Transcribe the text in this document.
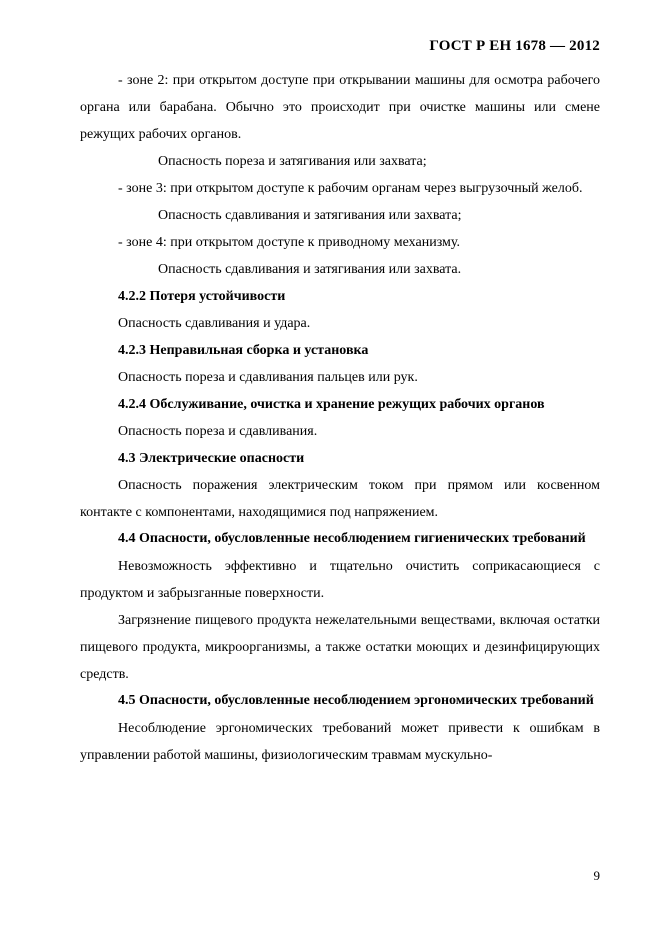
ГОСТ Р ЕН 1678 — 2012

- зоне 2: при открытом доступе при открывании машины для осмотра рабочего органа или барабана. Обычно это происходит при очистке машины или смене режущих рабочих органов.

Опасность пореза и затягивания или захвата;

- зоне 3: при открытом доступе к рабочим органам через выгрузочный желоб.

Опасность сдавливания и затягивания или захвата;

- зоне 4: при открытом доступе к приводному механизму.

Опасность сдавливания и затягивания или захвата.

4.2.2 Потеря устойчивости

Опасность сдавливания и удара.

4.2.3 Неправильная сборка и установка

Опасность пореза и сдавливания пальцев или рук.

4.2.4 Обслуживание, очистка и хранение режущих рабочих органов

Опасность пореза и сдавливания.

4.3 Электрические опасности

Опасность поражения электрическим током при прямом или косвенном контакте с компонентами, находящимися под напряжением.

4.4 Опасности, обусловленные несоблюдением гигиенических требований

Невозможность эффективно и тщательно очистить соприкасающиеся с продуктом и забрызганные поверхности.

Загрязнение пищевого продукта нежелательными веществами, включая остатки пищевого продукта, микроорганизмы, а также остатки моющих и дезинфицирующих средств.

4.5 Опасности, обусловленные несоблюдением эргономических требований

Несоблюдение эргономических требований может привести к ошибкам в управлении работой машины, физиологическим травмам мускульно-

9
